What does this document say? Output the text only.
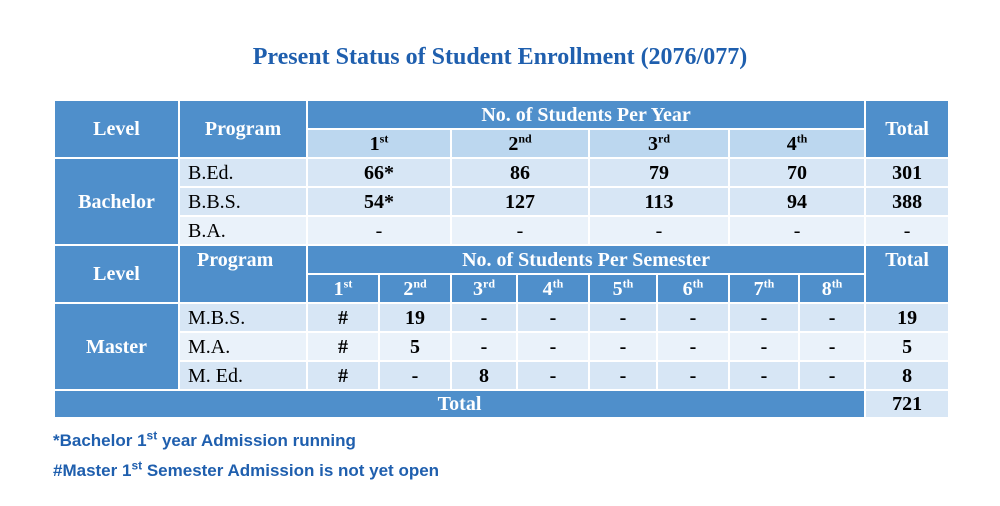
Present Status of Student Enrollment (2076/077)
Level	Program	No. of Students Per Year								Total
		1st		2nd		3rd		4th
Bachelor	B.Ed.	66*		86		79		70		301
	B.B.S.	54*		127		113		94		388
	B.A.	-		-		-		-		-
Level	Program	No. of Students Per Semester								Total
		1st	2nd	3rd	4th	5th	6th	7th	8th
Master	M.B.S.	#	19	-	-	-	-	-	-	19
	M.A.	#	5	-	-	-	-	-	-	5
	M. Ed.	#	-	8	-	-	-	-	-	8
Total										721
*Bachelor 1st year Admission running
#Master 1st Semester Admission is not yet open
